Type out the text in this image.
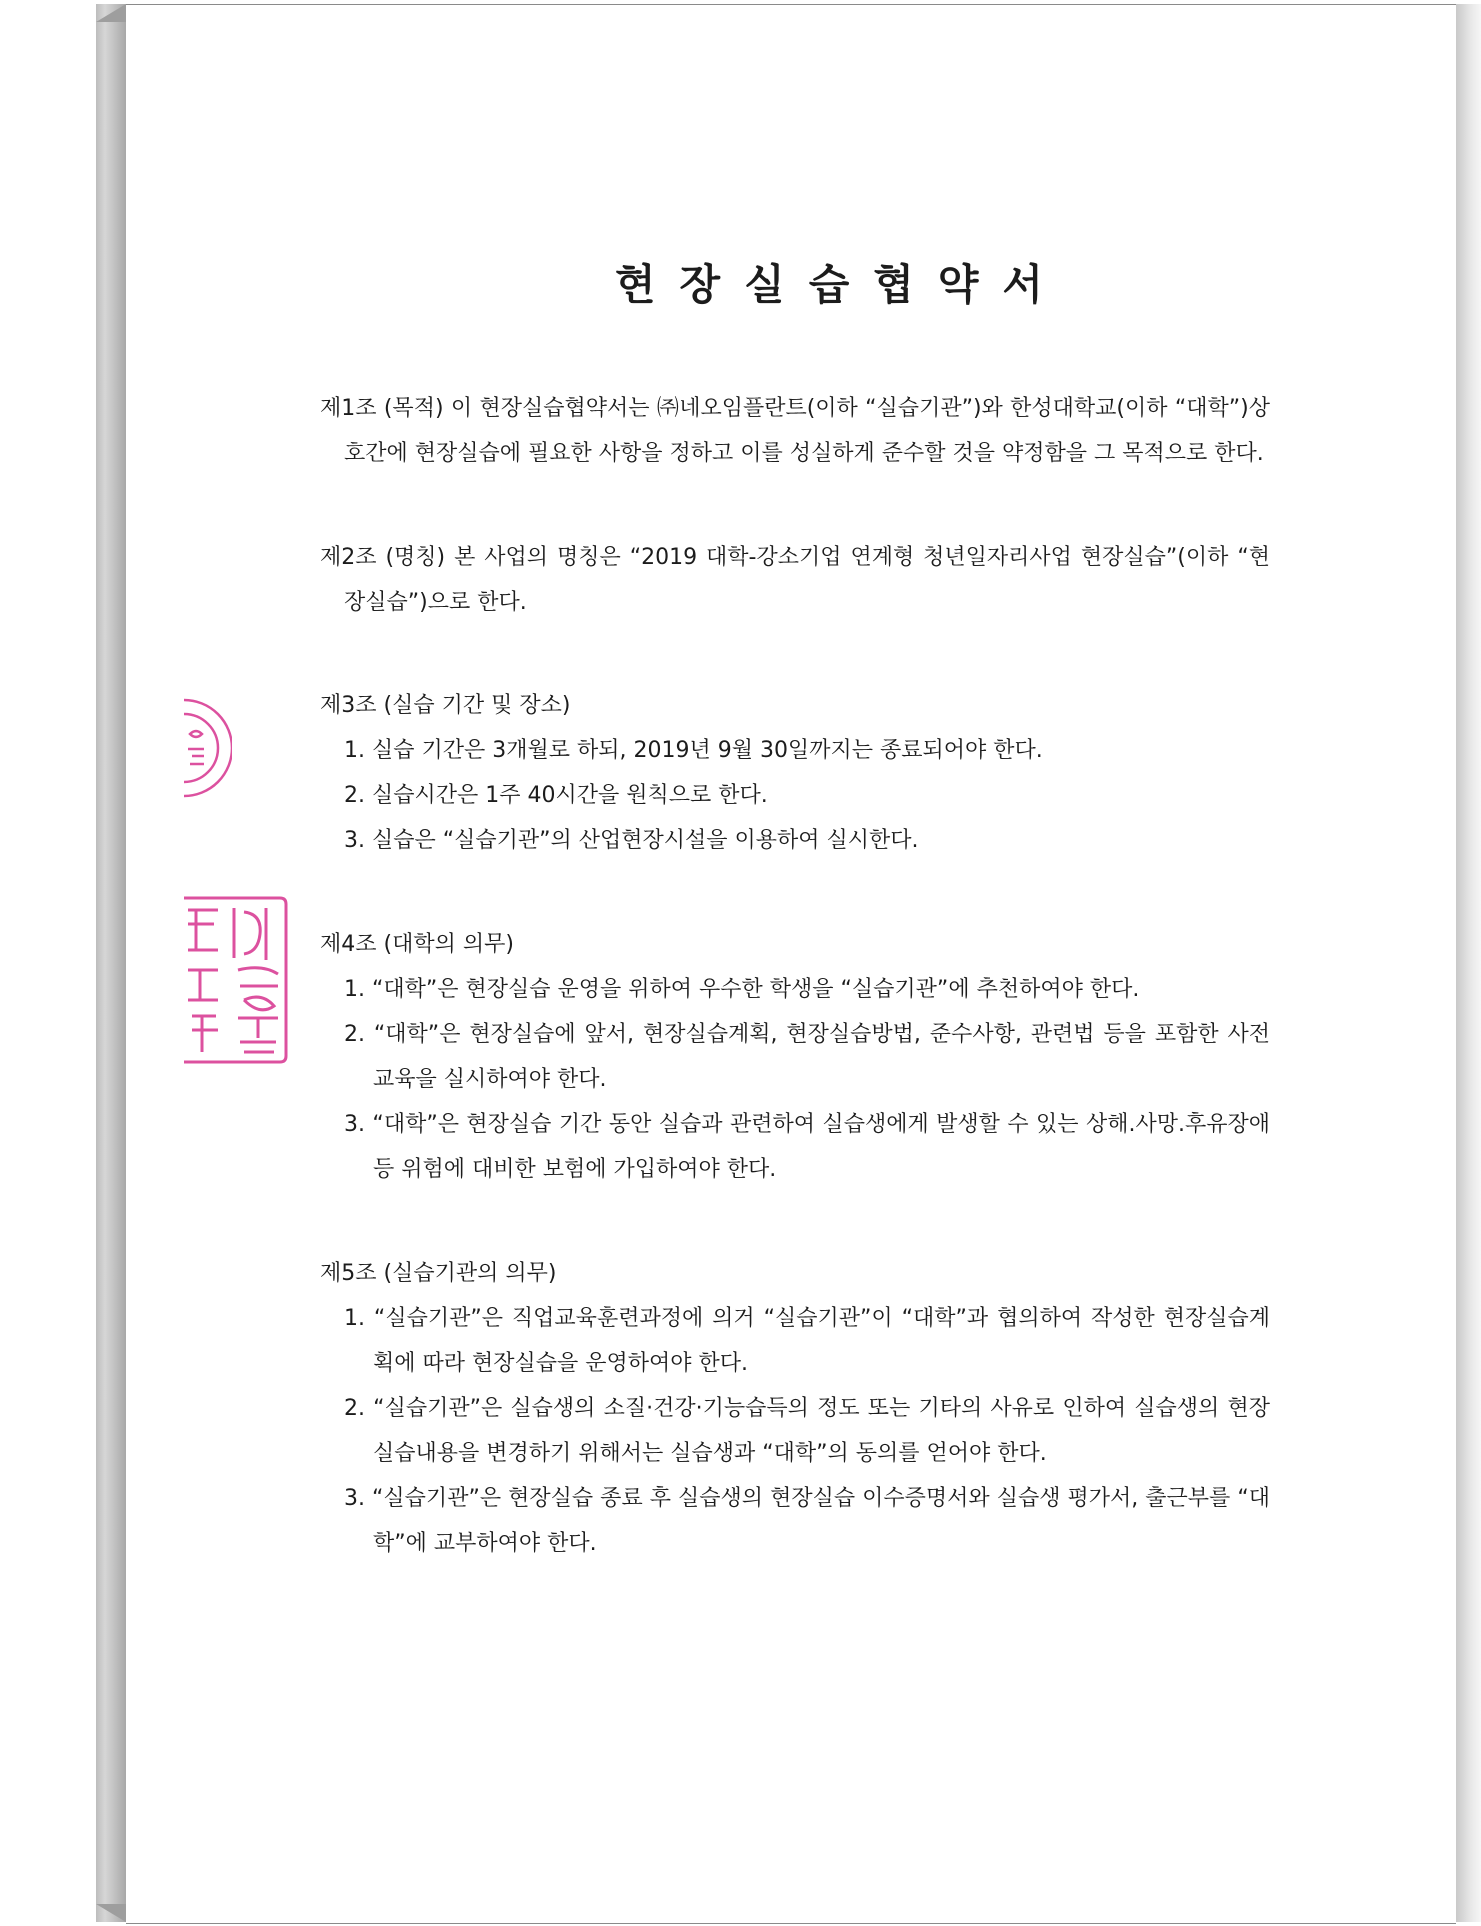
현장실습협약서

제1조 (목적) 이 현장실습협약서는 ㈜네오임플란트(이하 “실습기관”)와 한성대학교(이하 “대학”)상호간에 현장실습에 필요한 사항을 정하고 이를 성실하게 준수할 것을 약정함을 그 목적으로 한다.

제2조 (명칭) 본 사업의 명칭은 “2019 대학-강소기업 연계형 청년일자리사업 현장실습”(이하 “현장실습”)으로 한다.

제3조 (실습 기간 및 장소)

1. 실습 기간은 3개월로 하되, 2019년 9월 30일까지는 종료되어야 한다.
2. 실습시간은 1주 40시간을 원칙으로 한다.
3. 실습은 “실습기관”의 산업현장시설을 이용하여 실시한다.

제4조 (대학의 의무)

1. “대학”은 현장실습 운영을 위하여 우수한 학생을 “실습기관”에 추천하여야 한다.
2. “대학”은 현장실습에 앞서, 현장실습계획, 현장실습방법, 준수사항, 관련법 등을 포함한 사전 교육을 실시하여야 한다.
3. “대학”은 현장실습 기간 동안 실습과 관련하여 실습생에게 발생할 수 있는 상해.사망.후유장애 등 위험에 대비한 보험에 가입하여야 한다.

제5조 (실습기관의 의무)

1. “실습기관”은 직업교육훈련과정에 의거 “실습기관”이 “대학”과 협의하여 작성한 현장실습계획에 따라 현장실습을 운영하여야 한다.
2. “실습기관”은 실습생의 소질·건강·기능습득의 정도 또는 기타의 사유로 인하여 실습생의 현장실습내용을 변경하기 위해서는 실습생과 “대학”의 동의를 얻어야 한다.
3. “실습기관”은 현장실습 종료 후 실습생의 현장실습 이수증명서와 실습생 평가서, 출근부를 “대학”에 교부하여야 한다.
